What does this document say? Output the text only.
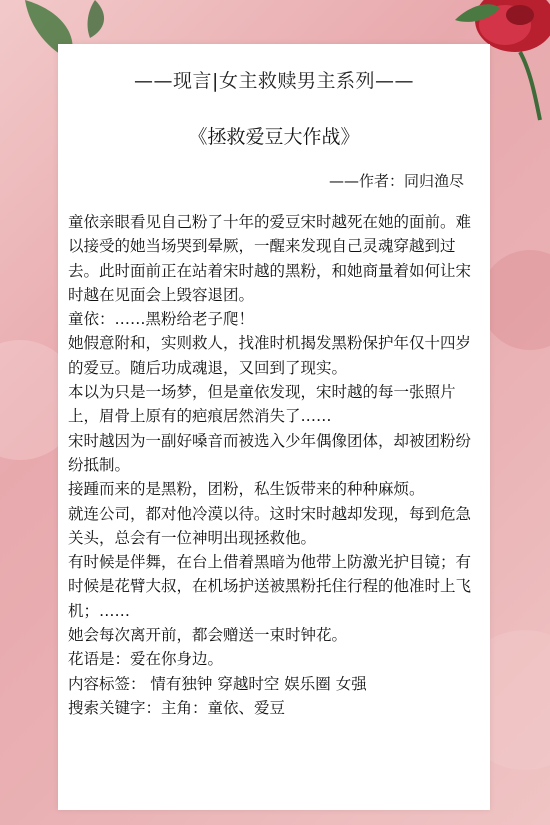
——现言|女主救赎男主系列——
《拯救爱豆大作战》
——作者：同归渔尽

童依亲眼看见自己粉了十年的爱豆宋时越死在她的面前。难以接受的她当场哭到晕厥，一醒来发现自己灵魂穿越到过去。此时面前正在站着宋时越的黑粉，和她商量着如何让宋时越在见面会上毁容退团。

童依：……黑粉给老子爬！

她假意附和，实则救人，找准时机揭发黑粉保护年仅十四岁的爱豆。随后功成魂退，又回到了现实。

本以为只是一场梦，但是童依发现，宋时越的每一张照片上，眉骨上原有的疤痕居然消失了……

宋时越因为一副好嗓音而被选入少年偶像团体，却被团粉纷纷抵制。

接踵而来的是黑粉，团粉，私生饭带来的种种麻烦。

就连公司，都对他冷漠以待。这时宋时越却发现，每到危急关头，总会有一位神明出现拯救他。

有时候是伴舞，在台上借着黑暗为他带上防激光护目镜；有时候是花臂大叔，在机场护送被黑粉托住行程的他准时上飞机；……

她会每次离开前，都会赠送一束时钟花。

花语是：爱在你身边。

内容标签： 情有独钟 穿越时空 娱乐圈 女强

搜索关键字：主角：童依、爱豆
